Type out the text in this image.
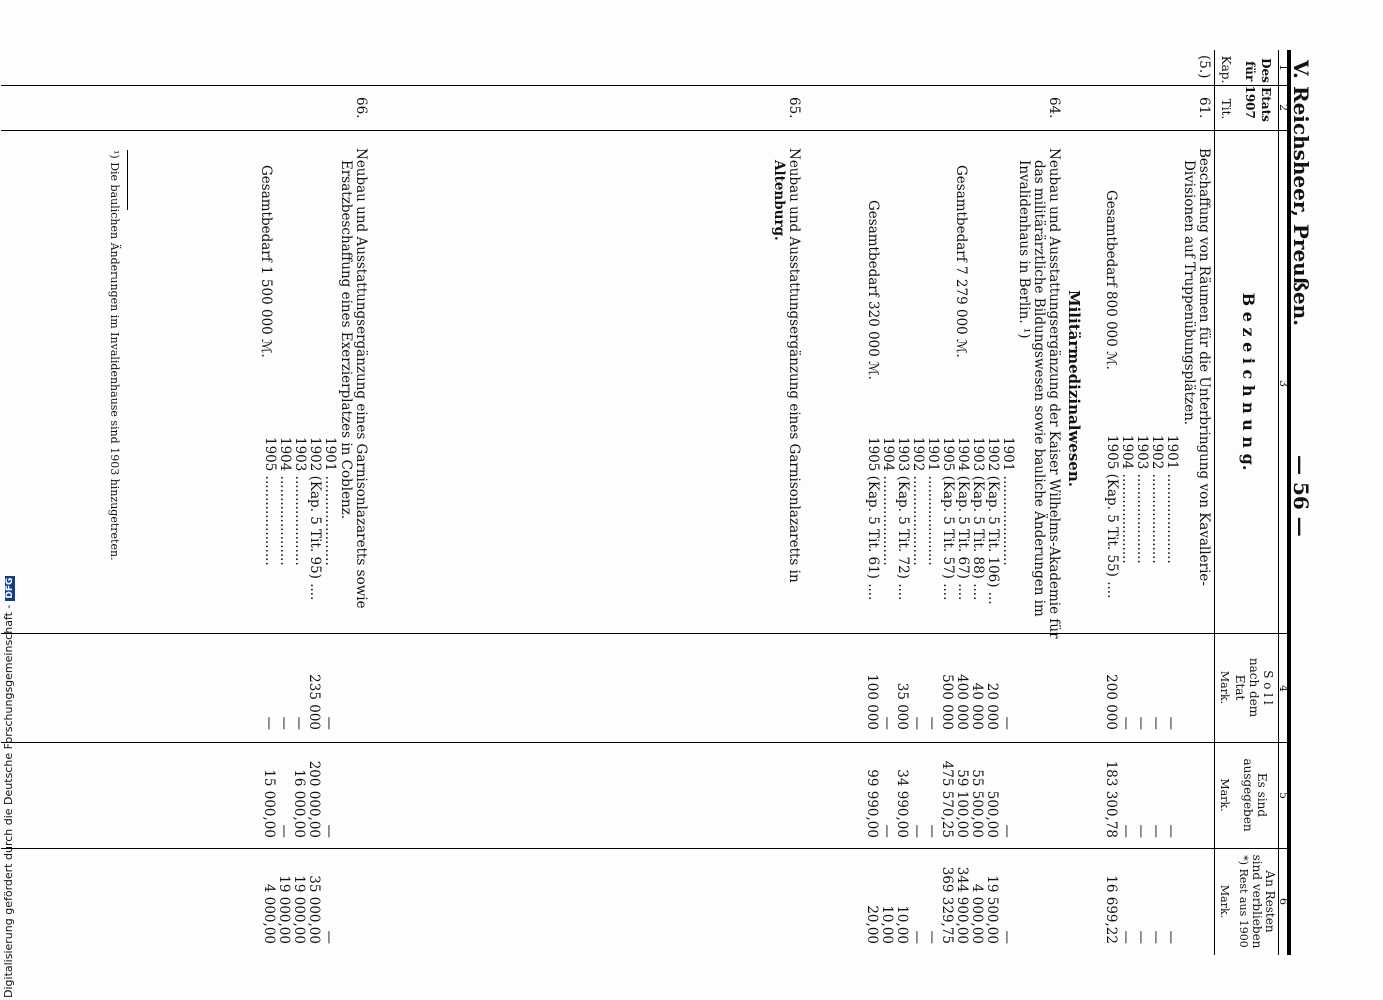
V. Reichsheer, Preußen.
— 56 —
1
2
3
4
5
6
Des Etats
für 1907
Kap.
Tit.
B e z e i c h n u n g.
S o l l
nach dem
Etat
Mark.
Es sind
ausgegeben
Mark.
An Resten
sind verblieben
*) Rest aus 1900
Mark.
(5.)
61.
Beschaffung von Räumen für die Unterbringung von Kavallerie-
Divisionen auf Truppenübungsplätzen.
Gesamtbedarf 800 000 ℳ.
1901 .....................
1902 .....................
1903 .....................
1904 .....................
1905 (Kap. 5 Tit. 55) ....
—
—
—
—
200 000
—
—
—
—
183 300,78
—
—
—
—
16 699,22
Militärmedizinalwesen.
64.
Neubau und Ausstattungsergänzung der Kaiser Wilhelms-Akademie für
das militärärztliche Bildungswesen sowie bauliche Änderungen im
Invalidenhaus in Berlin. ¹)
Gesamtbedarf 7 279 000 ℳ.
1901 .....................
1902 (Kap. 5 Tit. 106) ...
1903 (Kap. 5 Tit. 88) ....
1904 (Kap. 5 Tit. 67) ....
1905 (Kap. 5 Tit. 57) ....
—
20 000
40 000
400 000
500 000
—
500,00
55 500,00
59 100,00
475 570,25
—
19 500,00
4 000,00
344 900,00
369 329,75
65.
Neubau und Ausstattungsergänzung eines Garnisonlazaretts in
Altenburg.	Gesamtbedarf 320 000 ℳ.
1901 .....................
1902 .....................
1903 (Kap. 5 Tit. 72) ....
1904 .....................
1905 (Kap. 5 Tit. 61) ....
—
—
35 000
—
100 000
—
—
34 990,00
—
99 990,00
—
—
10,00
10,00
20,00
66.
Neubau und Ausstattungsergänzung eines Garnisonlazaretts sowie
Ersatzbeschaffung eines Exerzierplatzes in Coblenz.
Gesamtbedarf 1 500 000 ℳ.
1901 .....................
1902 (Kap. 5 Tit. 95) ....
1903 .....................
1904 .....................
1905 .....................
—
235 000
—
—
—
—
200 000,00
16 000,00
—
15 000,00
—
35 000,00
19 000,00
19 000,00
4 000,00
¹) Die baulichen Änderungen im Invalidenhause sind 1903 hinzugetreten.
Digitalisierung gefördert durch die Deutsche Forschungsgemeinschaft -DFG
